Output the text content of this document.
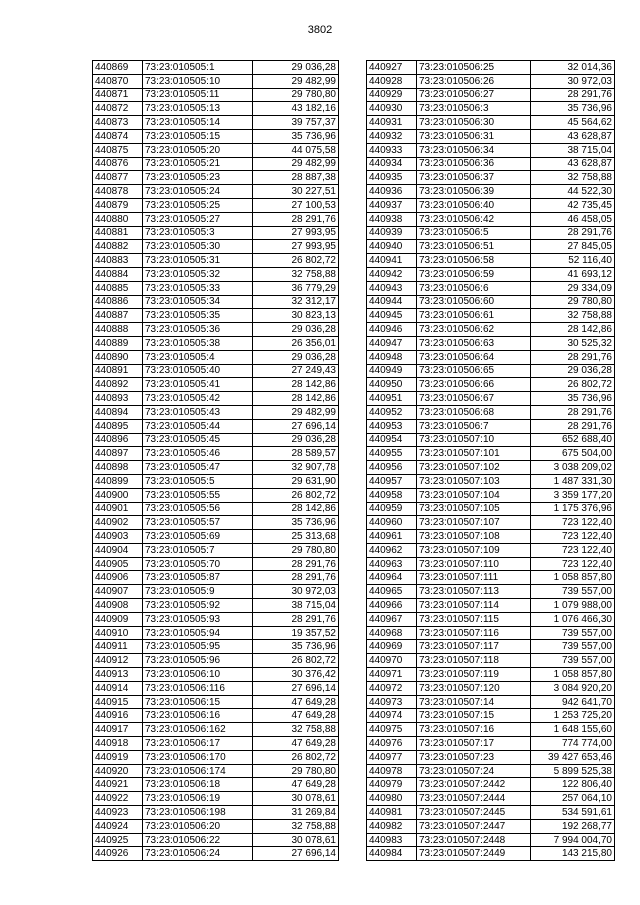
3802
440869	73:23:010505:1	29 036,28
440870	73:23:010505:10	29 482,99
440871	73:23:010505:11	29 780,80
440872	73:23:010505:13	43 182,16
440873	73:23:010505:14	39 757,37
440874	73:23:010505:15	35 736,96
440875	73:23:010505:20	44 075,58
440876	73:23:010505:21	29 482,99
440877	73:23:010505:23	28 887,38
440878	73:23:010505:24	30 227,51
440879	73:23:010505:25	27 100,53
440880	73:23:010505:27	28 291,76
440881	73:23:010505:3	27 993,95
440882	73:23:010505:30	27 993,95
440883	73:23:010505:31	26 802,72
440884	73:23:010505:32	32 758,88
440885	73:23:010505:33	36 779,29
440886	73:23:010505:34	32 312,17
440887	73:23:010505:35	30 823,13
440888	73:23:010505:36	29 036,28
440889	73:23:010505:38	26 356,01
440890	73:23:010505:4	29 036,28
440891	73:23:010505:40	27 249,43
440892	73:23:010505:41	28 142,86
440893	73:23:010505:42	28 142,86
440894	73:23:010505:43	29 482,99
440895	73:23:010505:44	27 696,14
440896	73:23:010505:45	29 036,28
440897	73:23:010505:46	28 589,57
440898	73:23:010505:47	32 907,78
440899	73:23:010505:5	29 631,90
440900	73:23:010505:55	26 802,72
440901	73:23:010505:56	28 142,86
440902	73:23:010505:57	35 736,96
440903	73:23:010505:69	25 313,68
440904	73:23:010505:7	29 780,80
440905	73:23:010505:70	28 291,76
440906	73:23:010505:87	28 291,76
440907	73:23:010505:9	30 972,03
440908	73:23:010505:92	38 715,04
440909	73:23:010505:93	28 291,76
440910	73:23:010505:94	19 357,52
440911	73:23:010505:95	35 736,96
440912	73:23:010505:96	26 802,72
440913	73:23:010506:10	30 376,42
440914	73:23:010506:116	27 696,14
440915	73:23:010506:15	47 649,28
440916	73:23:010506:16	47 649,28
440917	73:23:010506:162	32 758,88
440918	73:23:010506:17	47 649,28
440919	73:23:010506:170	26 802,72
440920	73:23:010506:174	29 780,80
440921	73:23:010506:18	47 649,28
440922	73:23:010506:19	30 078,61
440923	73:23:010506:198	31 269,84
440924	73:23:010506:20	32 758,88
440925	73:23:010506:22	30 078,61
440926	73:23:010506:24	27 696,14
440927	73:23:010506:25	32 014,36
440928	73:23:010506:26	30 972,03
440929	73:23:010506:27	28 291,76
440930	73:23:010506:3	35 736,96
440931	73:23:010506:30	45 564,62
440932	73:23:010506:31	43 628,87
440933	73:23:010506:34	38 715,04
440934	73:23:010506:36	43 628,87
440935	73:23:010506:37	32 758,88
440936	73:23:010506:39	44 522,30
440937	73:23:010506:40	42 735,45
440938	73:23:010506:42	46 458,05
440939	73:23:010506:5	28 291,76
440940	73:23:010506:51	27 845,05
440941	73:23:010506:58	52 116,40
440942	73:23:010506:59	41 693,12
440943	73:23:010506:6	29 334,09
440944	73:23:010506:60	29 780,80
440945	73:23:010506:61	32 758,88
440946	73:23:010506:62	28 142,86
440947	73:23:010506:63	30 525,32
440948	73:23:010506:64	28 291,76
440949	73:23:010506:65	29 036,28
440950	73:23:010506:66	26 802,72
440951	73:23:010506:67	35 736,96
440952	73:23:010506:68	28 291,76
440953	73:23:010506:7	28 291,76
440954	73:23:010507:10	652 688,40
440955	73:23:010507:101	675 504,00
440956	73:23:010507:102	3 038 209,02
440957	73:23:010507:103	1 487 331,30
440958	73:23:010507:104	3 359 177,20
440959	73:23:010507:105	1 175 376,96
440960	73:23:010507:107	723 122,40
440961	73:23:010507:108	723 122,40
440962	73:23:010507:109	723 122,40
440963	73:23:010507:110	723 122,40
440964	73:23:010507:111	1 058 857,80
440965	73:23:010507:113	739 557,00
440966	73:23:010507:114	1 079 988,00
440967	73:23:010507:115	1 076 466,30
440968	73:23:010507:116	739 557,00
440969	73:23:010507:117	739 557,00
440970	73:23:010507:118	739 557,00
440971	73:23:010507:119	1 058 857,80
440972	73:23:010507:120	3 084 920,20
440973	73:23:010507:14	942 641,70
440974	73:23:010507:15	1 253 725,20
440975	73:23:010507:16	1 648 155,60
440976	73:23:010507:17	774 774,00
440977	73:23:010507:23	39 427 653,46
440978	73:23:010507:24	5 899 525,38
440979	73:23:010507:2442	122 806,40
440980	73:23:010507:2444	257 064,10
440981	73:23:010507:2445	534 591,61
440982	73:23:010507:2447	192 268,77
440983	73:23:010507:2448	7 994 004,70
440984	73:23:010507:2449	143 215,80
